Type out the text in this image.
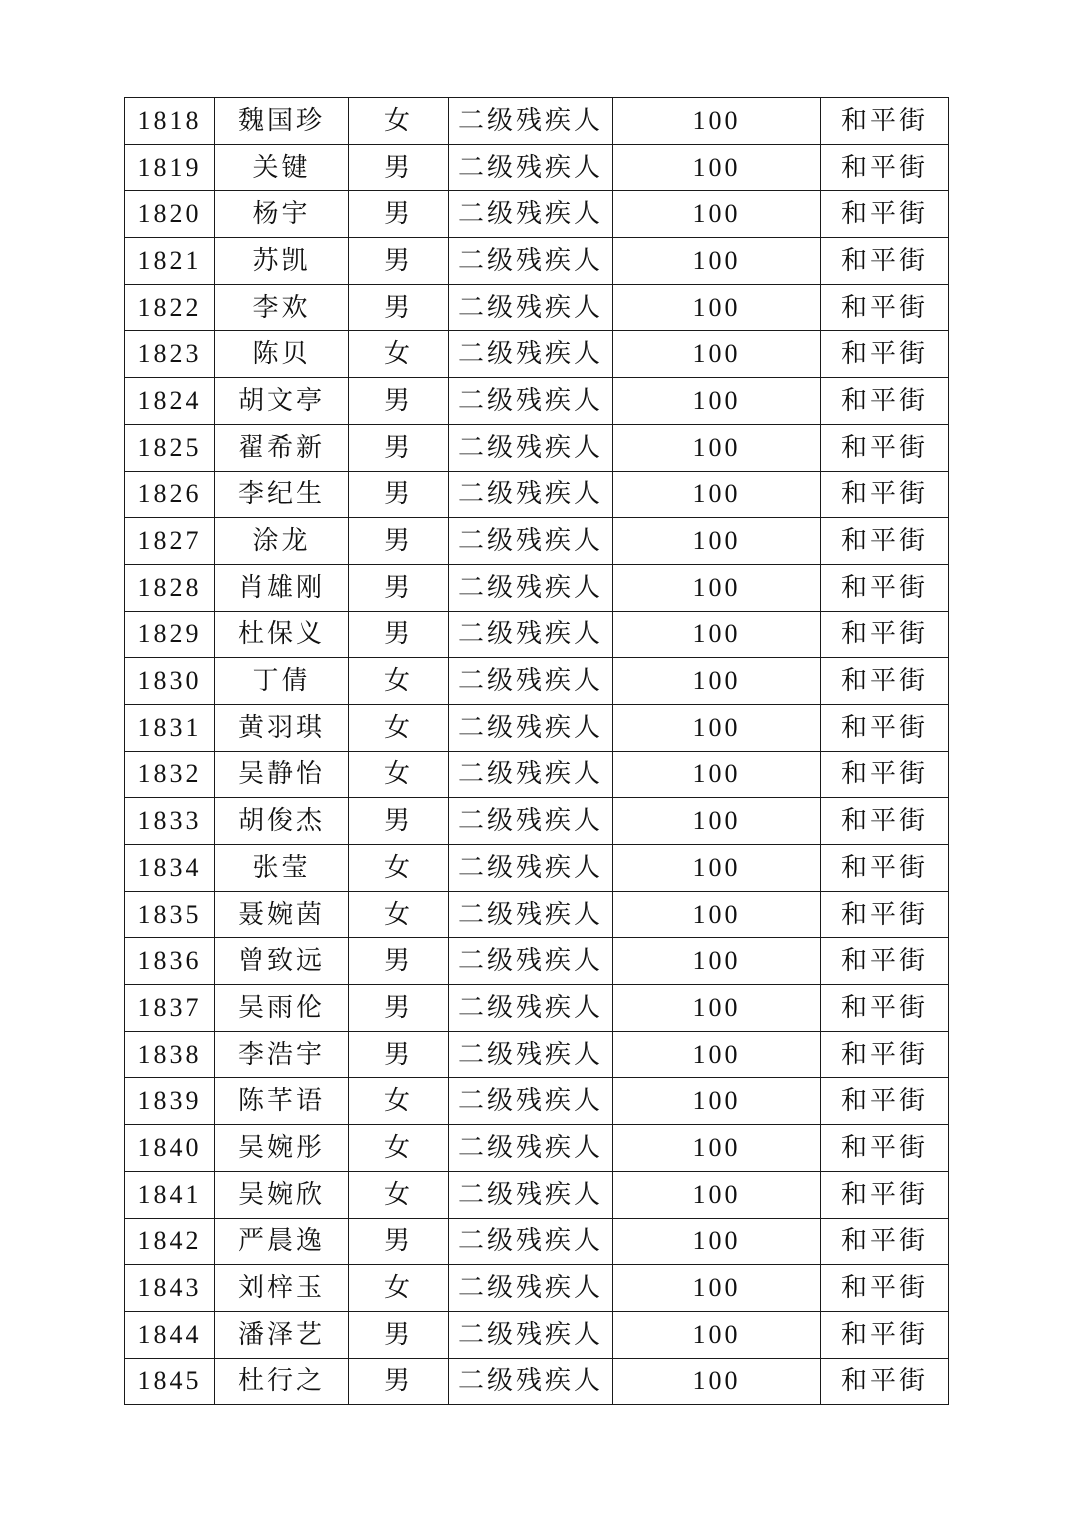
1818	魏国珍	女	二级残疾人	100	和平街
1819	关键	男	二级残疾人	100	和平街
1820	杨宇	男	二级残疾人	100	和平街
1821	苏凯	男	二级残疾人	100	和平街
1822	李欢	男	二级残疾人	100	和平街
1823	陈贝	女	二级残疾人	100	和平街
1824	胡文亭	男	二级残疾人	100	和平街
1825	翟希新	男	二级残疾人	100	和平街
1826	李纪生	男	二级残疾人	100	和平街
1827	涂龙	男	二级残疾人	100	和平街
1828	肖雄刚	男	二级残疾人	100	和平街
1829	杜保义	男	二级残疾人	100	和平街
1830	丁倩	女	二级残疾人	100	和平街
1831	黄羽琪	女	二级残疾人	100	和平街
1832	吴静怡	女	二级残疾人	100	和平街
1833	胡俊杰	男	二级残疾人	100	和平街
1834	张莹	女	二级残疾人	100	和平街
1835	聂婉茵	女	二级残疾人	100	和平街
1836	曾致远	男	二级残疾人	100	和平街
1837	吴雨伦	男	二级残疾人	100	和平街
1838	李浩宇	男	二级残疾人	100	和平街
1839	陈芊语	女	二级残疾人	100	和平街
1840	吴婉彤	女	二级残疾人	100	和平街
1841	吴婉欣	女	二级残疾人	100	和平街
1842	严晨逸	男	二级残疾人	100	和平街
1843	刘梓玉	女	二级残疾人	100	和平街
1844	潘泽艺	男	二级残疾人	100	和平街
1845	杜行之	男	二级残疾人	100	和平街
